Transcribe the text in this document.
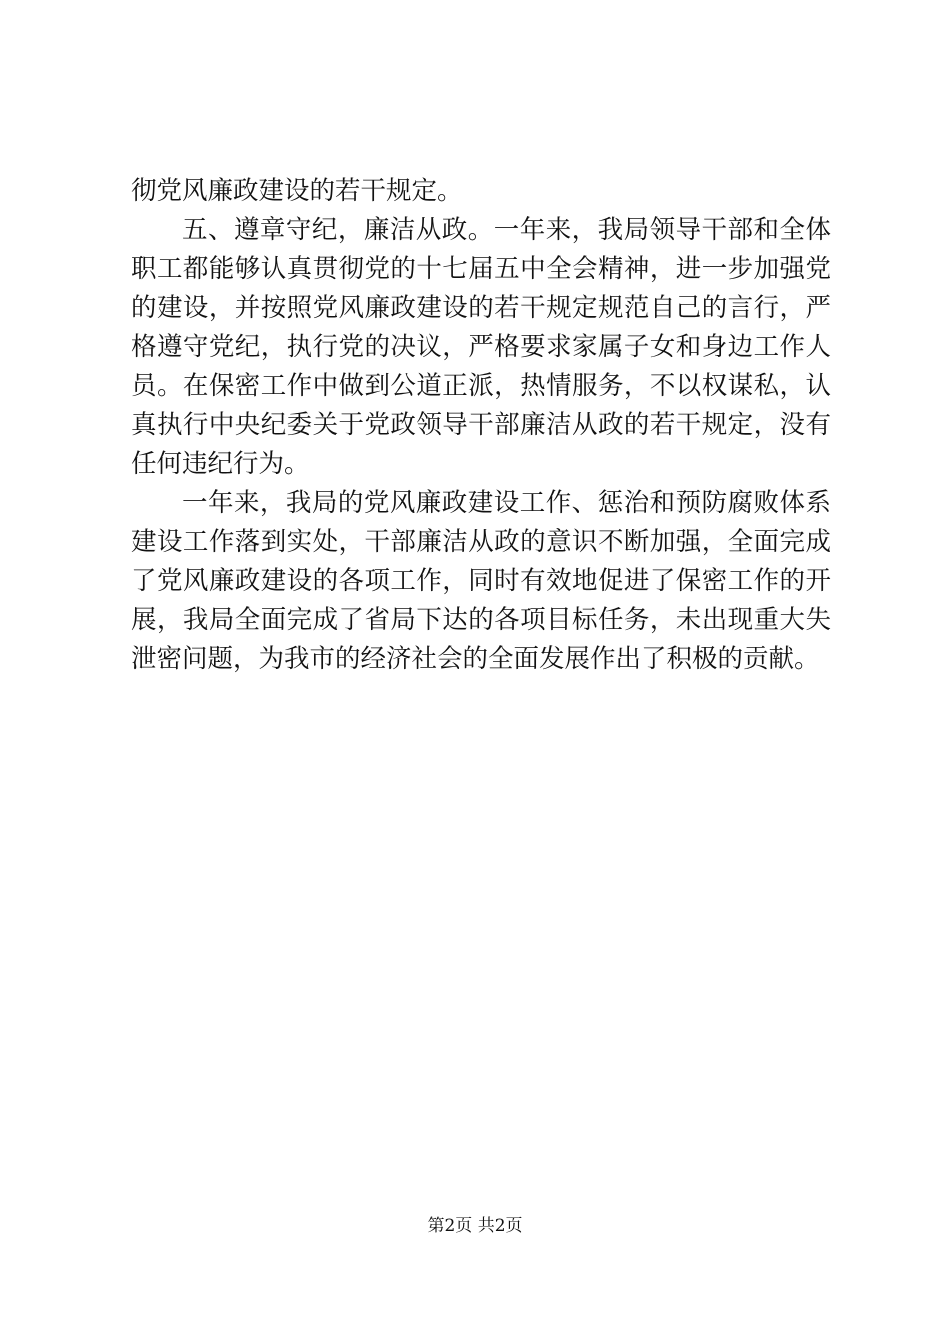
彻党风廉政建设的若干规定。
五、遵章守纪，廉洁从政。一年来，我局领导干部和全体
职工都能够认真贯彻党的十七届五中全会精神，进一步加强党
的建设，并按照党风廉政建设的若干规定规范自己的言行，严
格遵守党纪，执行党的决议，严格要求家属子女和身边工作人
员。在保密工作中做到公道正派，热情服务，不以权谋私，认
真执行中央纪委关于党政领导干部廉洁从政的若干规定，没有
任何违纪行为。
一年来，我局的党风廉政建设工作、惩治和预防腐败体系
建设工作落到实处，干部廉洁从政的意识不断加强，全面完成
了党风廉政建设的各项工作，同时有效地促进了保密工作的开
展，我局全面完成了省局下达的各项目标任务，未出现重大失
泄密问题，为我市的经济社会的全面发展作出了积极的贡献。
第2页 共2页
